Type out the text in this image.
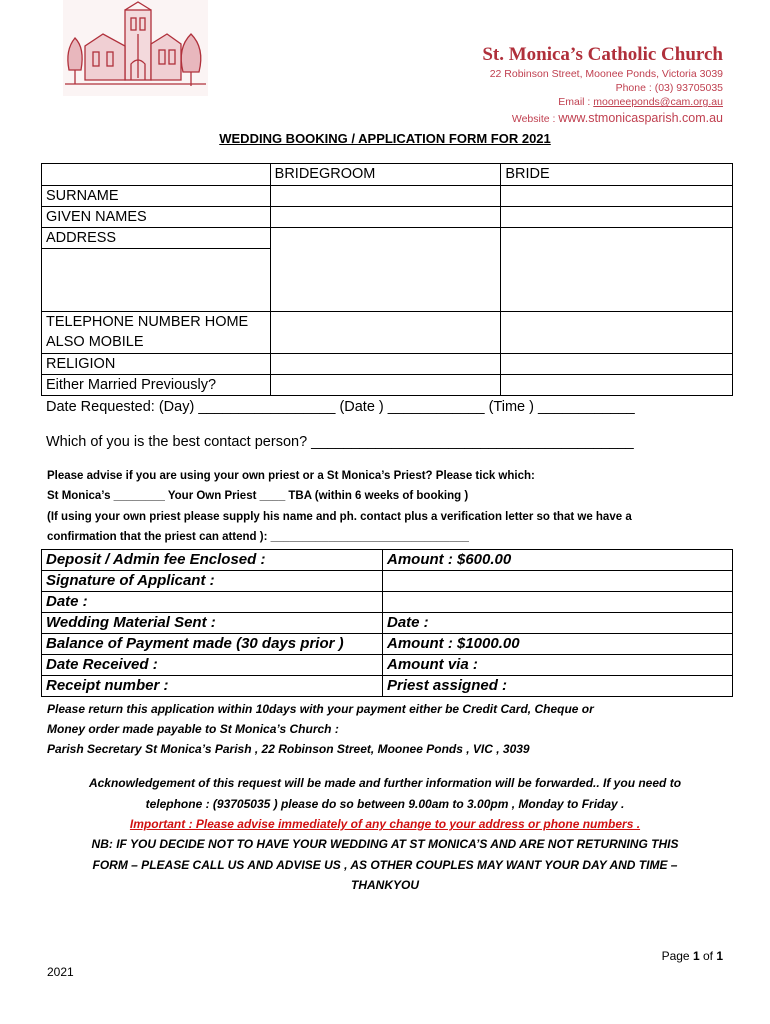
St. Monica’s Catholic Church
22 Robinson Street, Moonee Ponds, Victoria 3039
Phone : (03) 93705035
Email : mooneeponds@cam.org.au
Website : www.stmonicasparish.com.au
WEDDING BOOKING / APPLICATION FORM FOR 2021
	BRIDEGROOM	BRIDE
SURNAME		
GIVEN NAMES		
ADDRESS		

TELEPHONE NUMBER HOME
ALSO MOBILE		
RELIGION		
Either Married Previously?		
Date Requested: (Day) _________________ (Date ) ____________ (Time ) ____________
Which of you is the best contact person? ________________________________________
Please advise if you are using your own priest or a St Monica’s Priest? Please tick which:
St Monica’s ________ Your Own Priest ____ TBA (within 6 weeks of booking )
(If using your own priest please supply his name and ph. contact plus a verification letter so that we have a
confirmation that the priest can attend ): _______________________________
Deposit / Admin fee Enclosed :	Amount : $600.00
Signature of Applicant :	
Date :	
Wedding Material Sent :	Date :
Balance of Payment made (30 days prior )	Amount : $1000.00
Date Received :	Amount via :
Receipt number :	Priest assigned :
Please return this application within 10days with your payment either be Credit Card, Cheque or
Money order made payable to St Monica’s Church :
Parish Secretary St Monica’s Parish , 22 Robinson Street, Moonee Ponds , VIC , 3039
Acknowledgement of this request will be made and further information will be forwarded.. If you need to
telephone : (93705035 ) please do so between 9.00am to 3.00pm , Monday to Friday .
Important : Please advise immediately of any change to your address or phone numbers .
NB: IF YOU DECIDE NOT TO HAVE YOUR WEDDING AT ST MONICA’S AND ARE NOT RETURNING THIS
FORM – PLEASE CALL US AND ADVISE US , AS OTHER COUPLES MAY WANT YOUR DAY AND TIME –
THANKYOU
Page 1 of 1
2021
